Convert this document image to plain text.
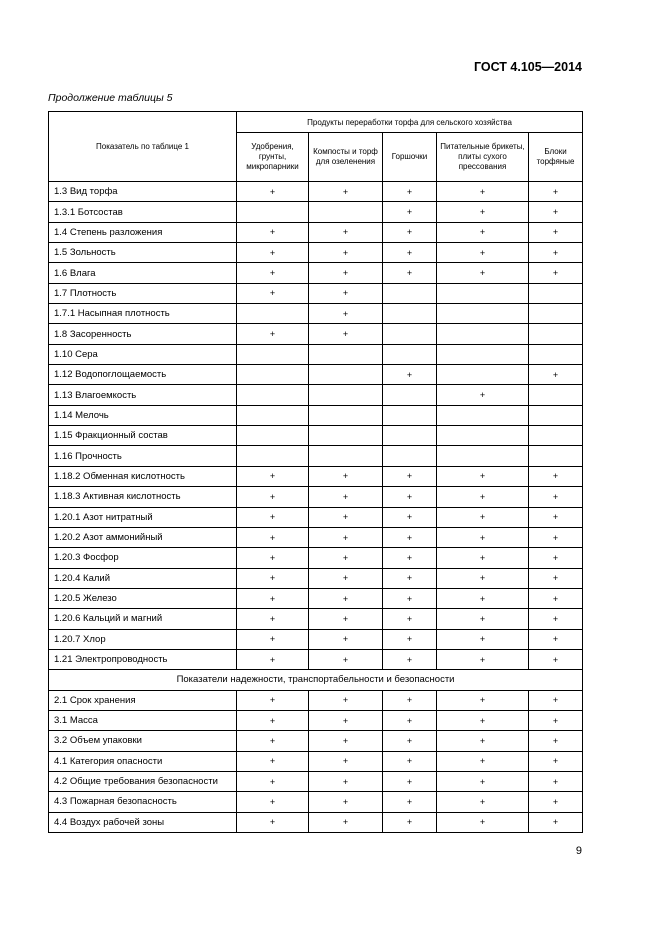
ГОСТ 4.105—2014
Продолжение таблицы 5
Показатель по таблице 1	Продукты переработки торфа для сельского хозяйства				
	Удобрения, грунты, микропарники	Компосты и торф для озеленения	Горшочки	Питательные брикеты, плиты сухого прессования	Блоки торфяные
1.3 Вид торфа	+	+	+	+	+
1.3.1 Ботсостав			+	+	+
1.4 Степень разложения	+	+	+	+	+
1.5 Зольность	+	+	+	+	+
1.6 Влага	+	+	+	+	+
1.7 Плотность	+	+			
1.7.1 Насыпная плотность		+			
1.8 Засоренность	+	+			
1.10 Сера					
1.12 Водопоглощаемость			+		+
1.13 Влагоемкость				+	
1.14 Мелочь					
1.15 Фракционный состав					
1.16 Прочность					
1.18.2 Обменная кислотность	+	+	+	+	+
1.18.3 Активная кислотность	+	+	+	+	+
1.20.1 Азот нитратный	+	+	+	+	+
1.20.2 Азот аммонийный	+	+	+	+	+
1.20.3 Фосфор	+	+	+	+	+
1.20.4 Калий	+	+	+	+	+
1.20.5 Железо	+	+	+	+	+
1.20.6 Кальций и магний	+	+	+	+	+
1.20.7 Хлор	+	+	+	+	+
1.21 Электропроводность	+	+	+	+	+
Показатели надежности, транспортабельности и безопасности					
2.1 Срок хранения	+	+	+	+	+
3.1 Масса	+	+	+	+	+
3.2 Объем упаковки	+	+	+	+	+
4.1 Категория опасности	+	+	+	+	+
4.2 Общие требования безопасности	+	+	+	+	+
4.3 Пожарная безопасность	+	+	+	+	+
4.4 Воздух рабочей зоны	+	+	+	+	+
9
